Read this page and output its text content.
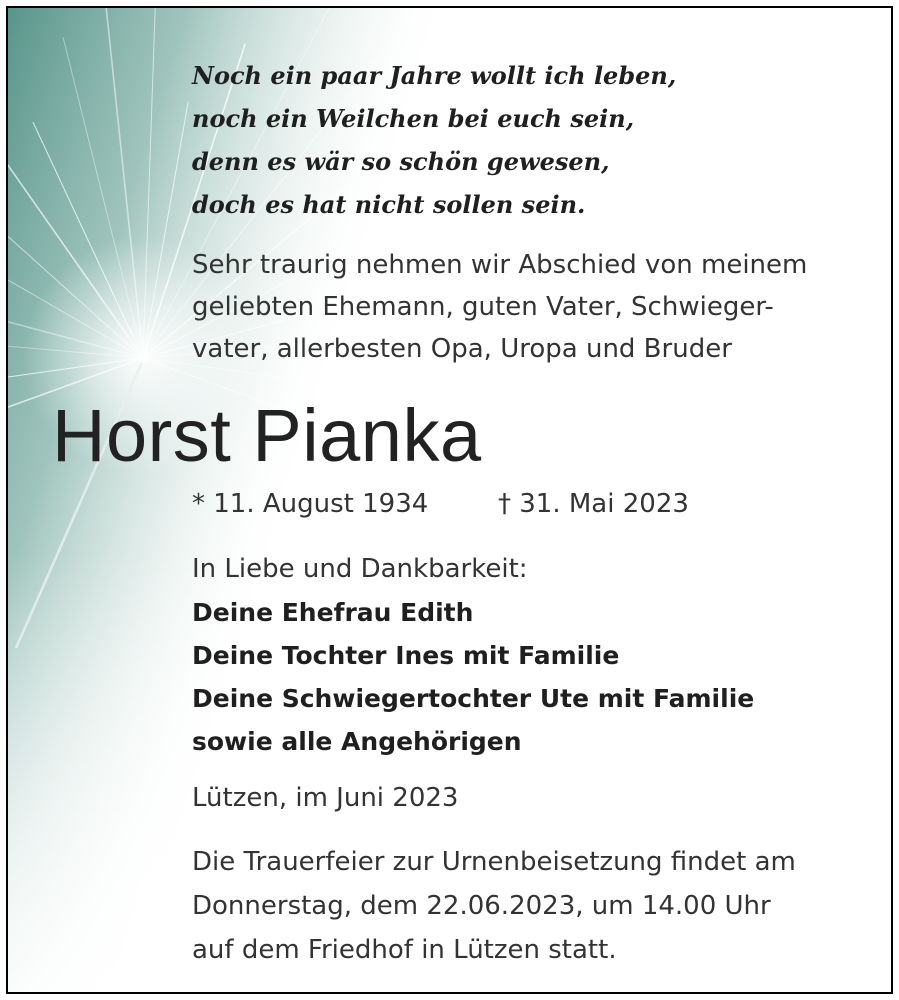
Noch ein paar Jahre wollt ich leben,
noch ein Weilchen bei euch sein,
denn es wär so schön gewesen,
doch es hat nicht sollen sein.
Sehr traurig nehmen wir Abschied von meinem
geliebten Ehemann, guten Vater, Schwieger-
vater, allerbesten Opa, Uropa und Bruder
Horst Pianka
* 11. August 1934	† 31. Mai 2023
In Liebe und Dankbarkeit:
Deine Ehefrau Edith
Deine Tochter Ines mit Familie
Deine Schwiegertochter Ute mit Familie
sowie alle Angehörigen
Lützen, im Juni 2023
Die Trauerfeier zur Urnenbeisetzung findet am
Donnerstag, dem 22.06.2023, um 14.00 Uhr
auf dem Friedhof in Lützen statt.
